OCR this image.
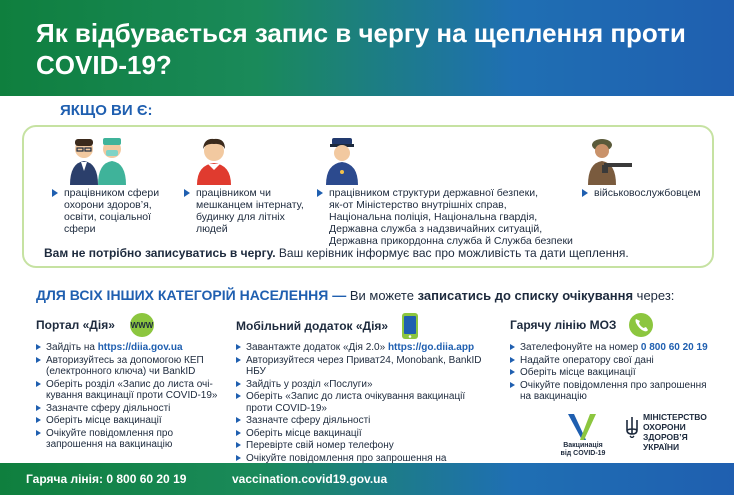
Як відбувається запис в чергу на щеплення проти COVID-19?
ЯКЩО ВИ Є:
працівником сфери
охорони здоров’я,
освіти, соціальної
сфери
працівником чи
мешканцем інтернату,
будинку для літніх
людей
працівником структури державної безпеки,
як-от Міністерство внутрішніх справ,
Національна поліція, Національна гвардія,
Державна служба з надзвичайних ситуацій,
Державна прикордонна служба й Служба безпеки
військовослужбовцем
Вам не потрібно записуватись в чергу. Ваш керівник інформує вас про можливість та дати щеплення.
ДЛЯ ВСІХ ІНШИХ КАТЕГОРІЙ НАСЕЛЕННЯ — Ви можете записатись до списку очікування через:
Портал «Дія» WWW
Зайдіть на https://diia.gov.ua
Авторизуйтесь за допомогою КЕП
(електронного ключа) чи BankID
Оберіть розділ «Запис до листа очі-
кування вакцинації проти COVID-19»
Зазначте сферу діяльності
Оберіть місце вакцинації
Очікуйте повідомлення про
запрошення на вакцинацію
Мобільний додаток «Дія»
Завантажте додаток «Дія 2.0» https://go.diia.app
Авторизуйтеся через Приват24, Monobank, BankID НБУ
Зайдіть у розділ «Послуги»
Оберіть «Запис до листа очікування вакцинації
проти COVID-19»
Зазначте сферу діяльності
Оберіть місце вакцинації
Перевірте свій номер телефону
Очікуйте повідомлення про запрошення на
Гарячу лінію МОЗ
Зателефонуйте на номер 0 800 60 20 19
Надайте оператору свої дані
Оберіть місце вакцинації
Очікуйте повідомлення про запрошення
на вакцинацію
Вакцинація
від COVID-19
МІНІСТЕРСТВО
ОХОРОНИ
ЗДОРОВ’Я
УКРАЇНИ
Гаряча лінія: 0 800 60 20 19	vaccination.covid19.gov.ua
